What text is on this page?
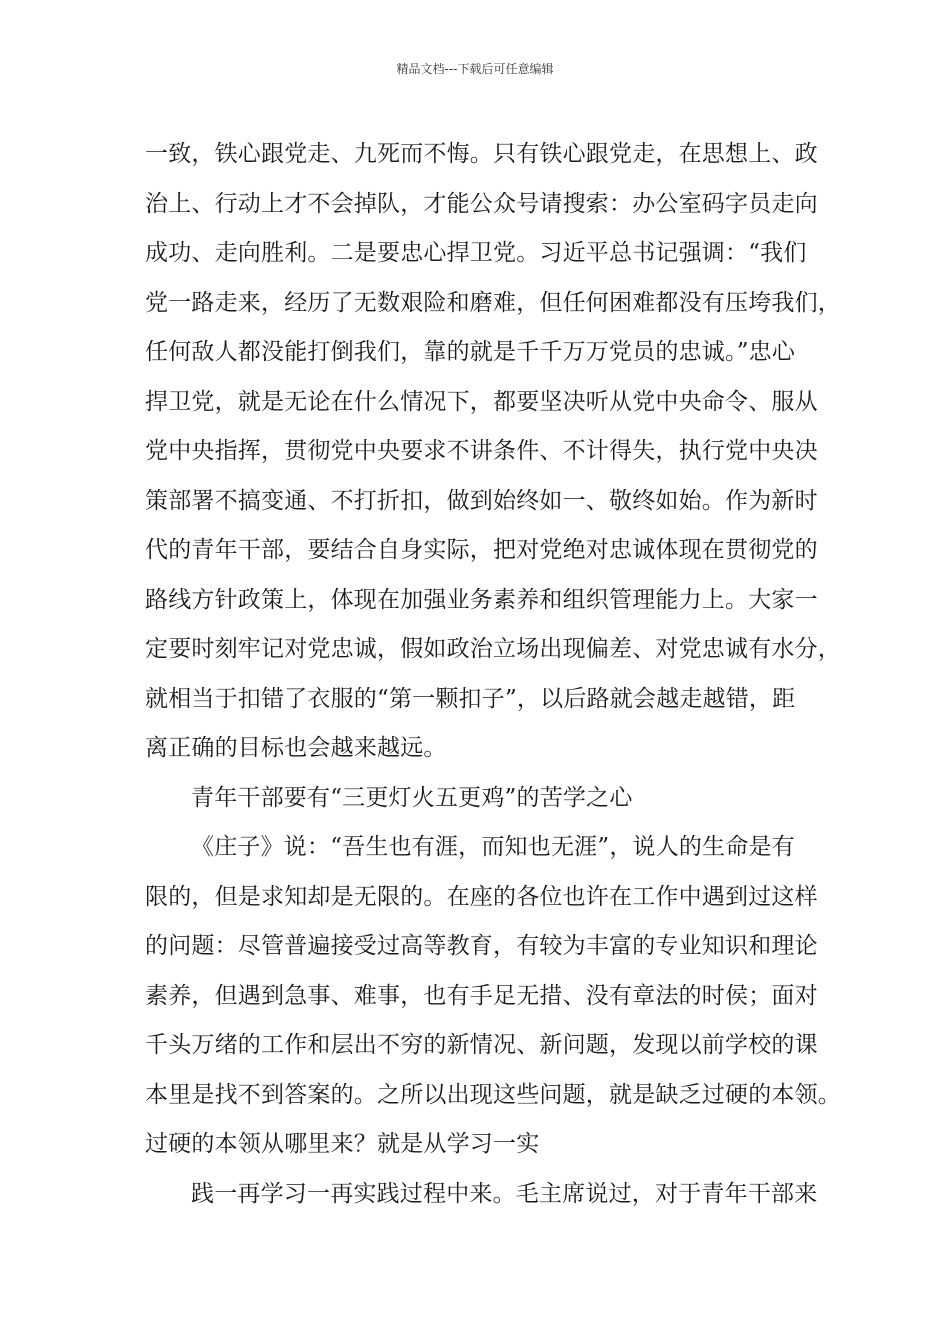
精品文档---下载后可任意编辑
一致，铁心跟党走、九死而不悔。只有铁心跟党走，在思想上、政
治上、行动上才不会掉队，才能公众号请搜索：办公室码字员走向
成功、走向胜利。二是要忠心捍卫党。习近平总书记强调：“我们
党一路走来，经历了无数艰险和磨难，但任何困难都没有压垮我们，
任何敌人都没能打倒我们，靠的就是千千万万党员的忠诚。”忠心
捍卫党，就是无论在什么情况下，都要坚决听从党中央命令、服从
党中央指挥，贯彻党中央要求不讲条件、不计得失，执行党中央决
策部署不搞变通、不打折扣，做到始终如一、敬终如始。作为新时
代的青年干部，要结合自身实际，把对党绝对忠诚体现在贯彻党的
路线方针政策上，体现在加强业务素养和组织管理能力上。大家一
定要时刻牢记对党忠诚，假如政治立场出现偏差、对党忠诚有水分，
就相当于扣错了衣服的“第一颗扣子”，以后路就会越走越错，距
离正确的目标也会越来越远。
青年干部要有“三更灯火五更鸡”的苦学之心
《庄子》说：“吾生也有涯，而知也无涯”，说人的生命是有
限的，但是求知却是无限的。在座的各位也许在工作中遇到过这样
的问题：尽管普遍接受过高等教育，有较为丰富的专业知识和理论
素养，但遇到急事、难事，也有手足无措、没有章法的时侯；面对
千头万绪的工作和层出不穷的新情况、新问题，发现以前学校的课
本里是找不到答案的。之所以出现这些问题，就是缺乏过硬的本领。
过硬的本领从哪里来？就是从学习一实
践一再学习一再实践过程中来。毛主席说过，对于青年干部来
